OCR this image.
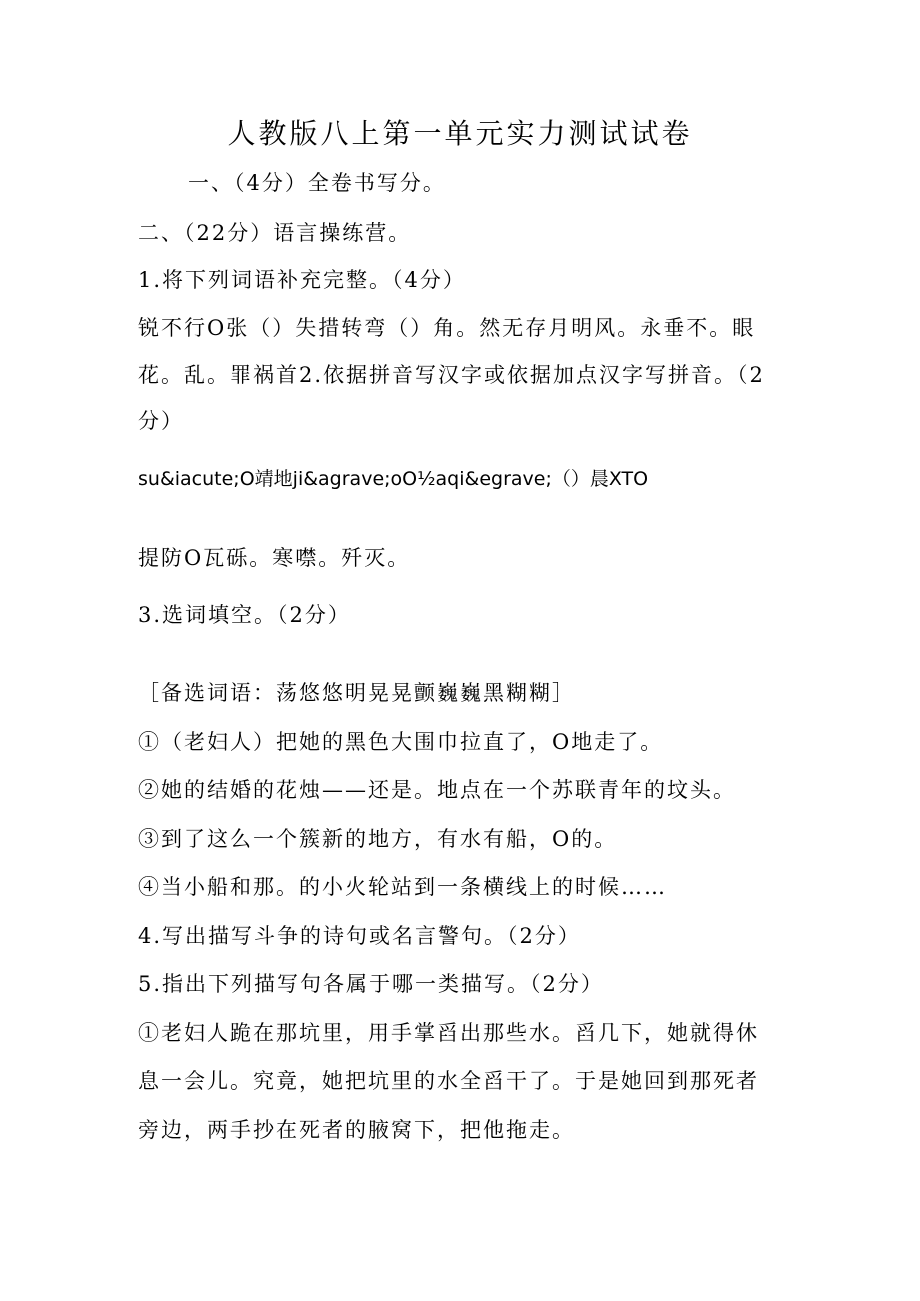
人教版八上第一单元实力测试试卷
一、（4分）全卷书写分。
二、（22分）语言操练营。
1.将下列词语补充完整。（4分）
锐不行O张（）失措转弯（）角。然无存月明风。永垂不。眼
花。乱。罪祸首2.依据拼音写汉字或依据加点汉字写拼音。（2
分）
su&iacute;O靖地ji&agrave;oO½aqi&egrave;（）晨XTO
提防O瓦砾。寒噤。歼灭。
3.选词填空。（2分）
［备选词语：荡悠悠明晃晃颤巍巍黑糊糊］
①（老妇人）把她的黑色大围巾拉直了，O地走了。
②她的结婚的花烛——还是。地点在一个苏联青年的坟头。
③到了这么一个簇新的地方，有水有船，O的。
④当小船和那。的小火轮站到一条横线上的时候……
4.写出描写斗争的诗句或名言警句。（2分）
5.指出下列描写句各属于哪一类描写。（2分）
①老妇人跪在那坑里，用手掌舀出那些水。舀几下，她就得休
息一会儿。究竟，她把坑里的水全舀干了。于是她回到那死者
旁边，两手抄在死者的腋窝下，把他拖走。
